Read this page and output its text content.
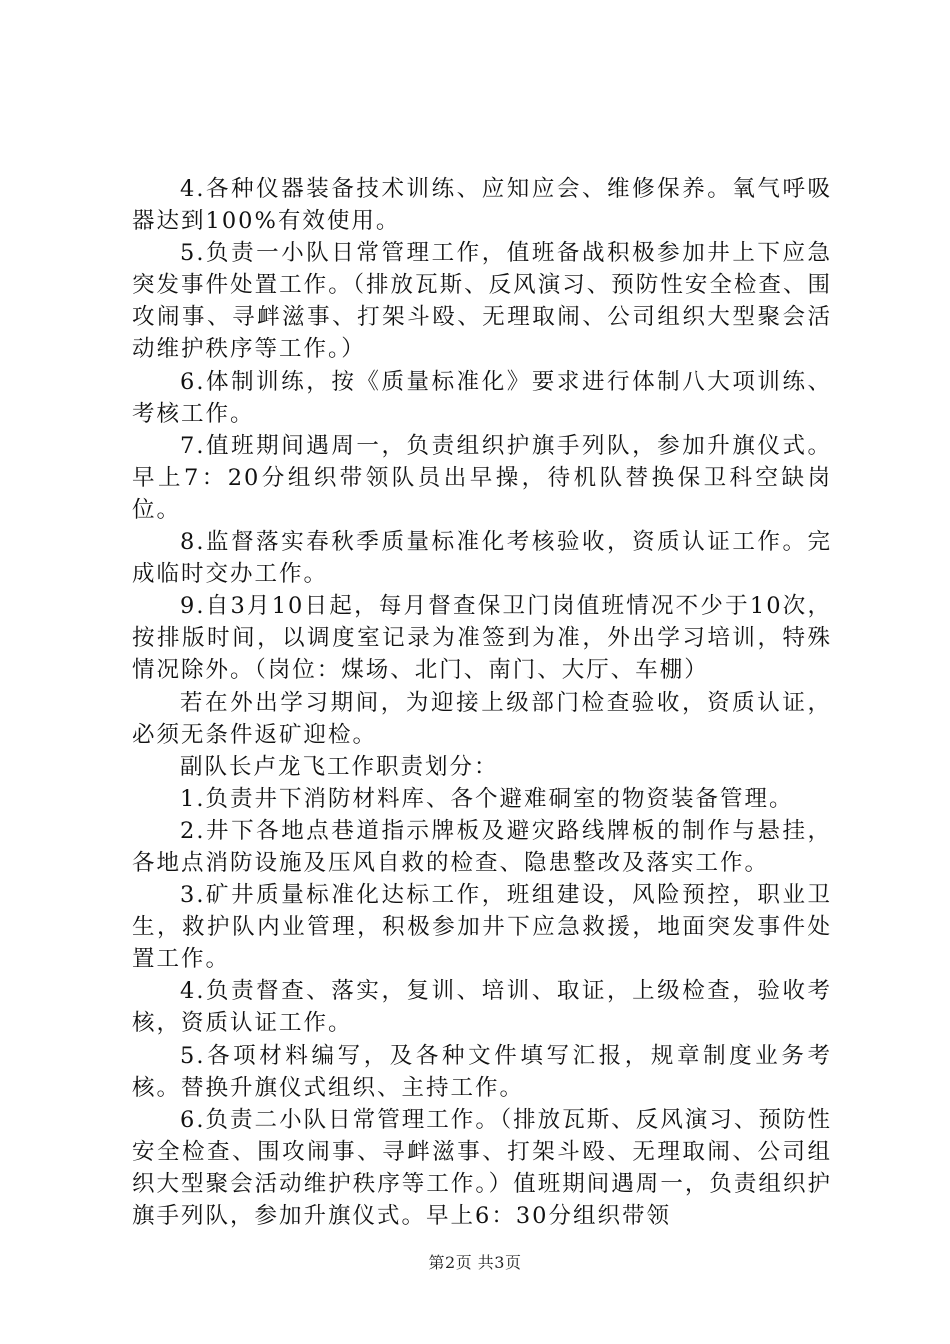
4.各种仪器装备技术训练、应知应会、维修保养。氧气呼吸器达到100%有效使用。

5.负责一小队日常管理工作，值班备战积极参加井上下应急突发事件处置工作。（排放瓦斯、反风演习、预防性安全检查、围攻闹事、寻衅滋事、打架斗殴、无理取闹、公司组织大型聚会活动维护秩序等工作。）

6.体制训练，按《质量标准化》要求进行体制八大项训练、考核工作。

7.值班期间遇周一，负责组织护旗手列队，参加升旗仪式。早上7：20分组织带领队员出早操，待机队替换保卫科空缺岗位。

8.监督落实春秋季质量标准化考核验收，资质认证工作。完成临时交办工作。

9.自3月10日起，每月督查保卫门岗值班情况不少于10次，按排版时间，以调度室记录为准签到为准，外出学习培训，特殊情况除外。（岗位：煤场、北门、南门、大厅、车棚）

若在外出学习期间，为迎接上级部门检查验收，资质认证，必须无条件返矿迎检。

副队长卢龙飞工作职责划分：

1.负责井下消防材料库、各个避难硐室的物资装备管理。

2.井下各地点巷道指示牌板及避灾路线牌板的制作与悬挂，各地点消防设施及压风自救的检查、隐患整改及落实工作。

3.矿井质量标准化达标工作，班组建设，风险预控，职业卫生，救护队内业管理，积极参加井下应急救援，地面突发事件处置工作。

4.负责督查、落实，复训、培训、取证，上级检查，验收考核，资质认证工作。

5.各项材料编写，及各种文件填写汇报，规章制度业务考核。替换升旗仪式组织、主持工作。

6.负责二小队日常管理工作。（排放瓦斯、反风演习、预防性安全检查、围攻闹事、寻衅滋事、打架斗殴、无理取闹、公司组织大型聚会活动维护秩序等工作。）值班期间遇周一，负责组织护旗手列队，参加升旗仪式。早上6：30分组织带领

第2页 共3页
